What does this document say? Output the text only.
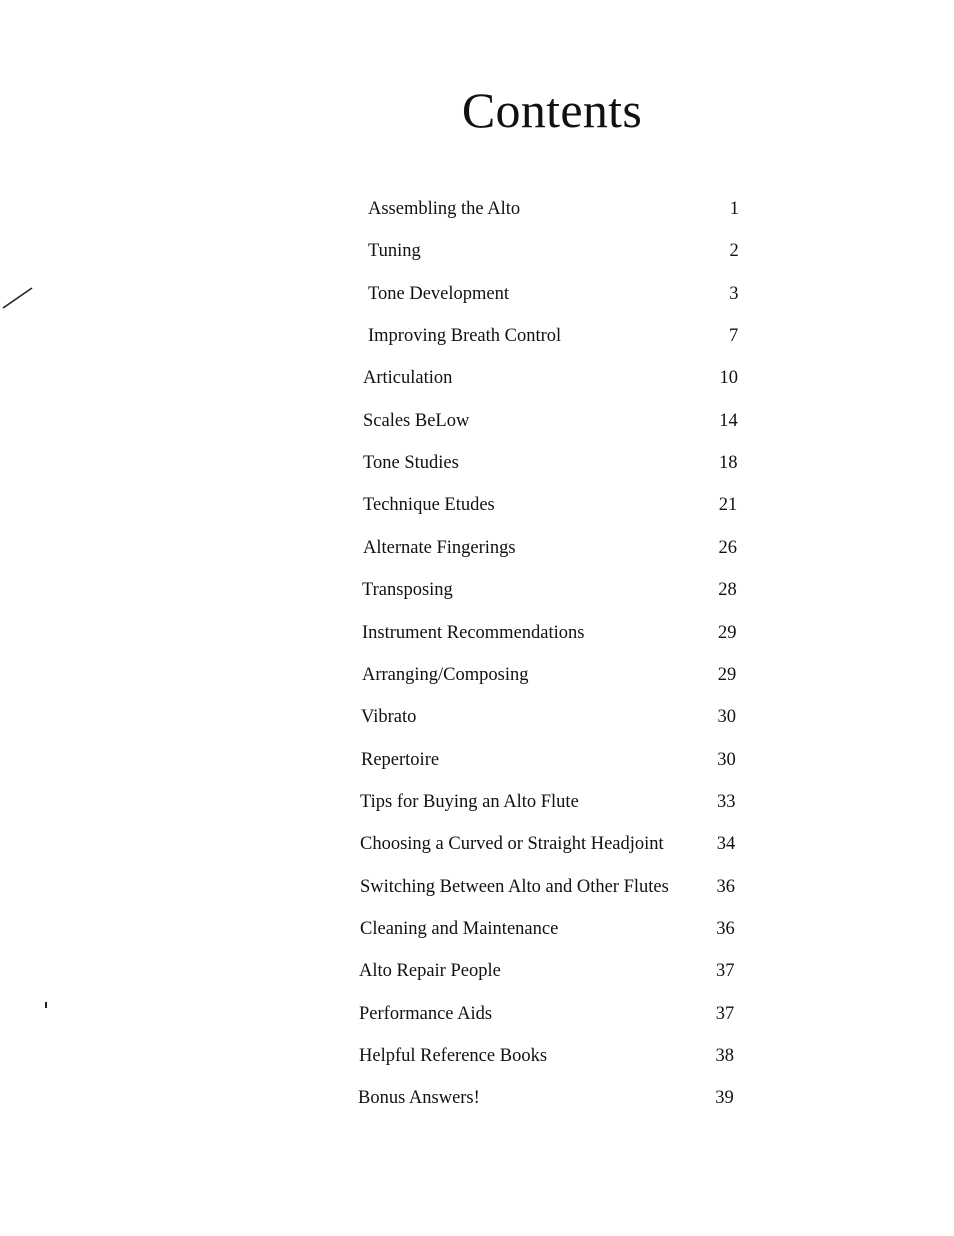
Contents
Assembling the Alto	1
Tuning	2
Tone Development	3
Improving Breath Control	7
Articulation	10
Scales BeLow	14
Tone Studies	18
Technique Etudes	21
Alternate Fingerings	26
Transposing	28
Instrument Recommendations	29
Arranging/Composing	29
Vibrato	30
Repertoire	30
Tips for Buying an Alto Flute	33
Choosing a Curved or Straight Headjoint	34
Switching Between Alto and Other Flutes	36
Cleaning and Maintenance	36
Alto Repair People	37
Performance Aids	37
Helpful Reference Books	38
Bonus Answers!	39
